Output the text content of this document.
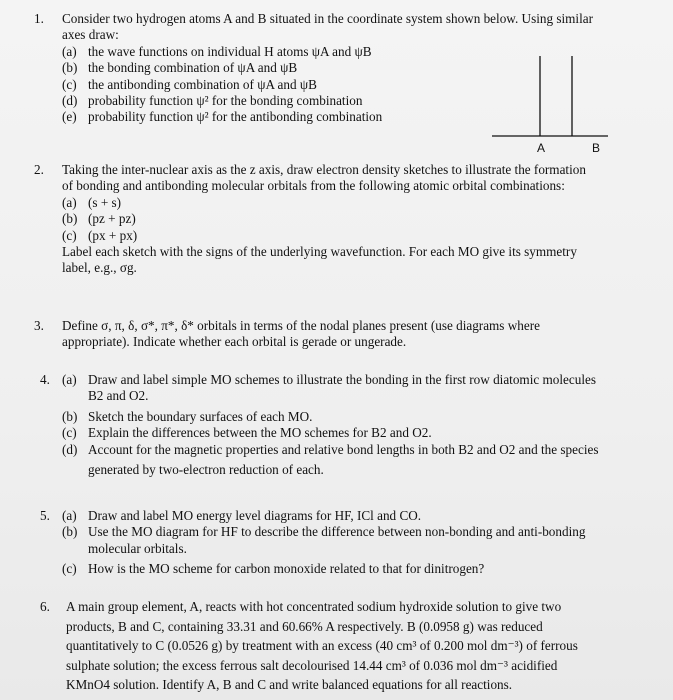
1.	Consider two hydrogen atoms A and B situated in the coordinate system shown below. Using similar
axes draw:
(a) the wave functions on individual H atoms ψA and ψB
(b) the bonding combination of ψA and ψB
(c) the antibonding combination of ψA and ψB
(d) probability function ψ² for the bonding combination
(e) probability function ψ² for the antibonding combination
A	B
2.	Taking the inter-nuclear axis as the z axis, draw electron density sketches to illustrate the formation
of bonding and antibonding molecular orbitals from the following atomic orbital combinations:
(a) (s + s)
(b) (pz + pz)
(c) (px + px)
Label each sketch with the signs of the underlying wavefunction. For each MO give its symmetry
label, e.g., σg.
3.	Define σ, π, δ, σ*, π*, δ* orbitals in terms of the nodal planes present (use diagrams where
appropriate). Indicate whether each orbital is gerade or ungerade.
4. (a) Draw and label simple MO schemes to illustrate the bonding in the first row diatomic molecules
B2 and O2.
(b) Sketch the boundary surfaces of each MO.
(c) Explain the differences between the MO schemes for B2 and O2.
(d) Account for the magnetic properties and relative bond lengths in both B2 and O2 and the species
generated by two-electron reduction of each.
5. (a) Draw and label MO energy level diagrams for HF, ICl and CO.
(b) Use the MO diagram for HF to describe the difference between non-bonding and anti-bonding
molecular orbitals.
(c) How is the MO scheme for carbon monoxide related to that for dinitrogen?
6.	A main group element, A, reacts with hot concentrated sodium hydroxide solution to give two
products, B and C, containing 33.31 and 60.66% A respectively. B (0.0958 g) was reduced
quantitatively to C (0.0526 g) by treatment with an excess (40 cm³ of 0.200 mol dm⁻³) of ferrous
sulphate solution; the excess ferrous salt decolourised 14.44 cm³ of 0.036 mol dm⁻³ acidified
KMnO4 solution. Identify A, B and C and write balanced equations for all reactions.
